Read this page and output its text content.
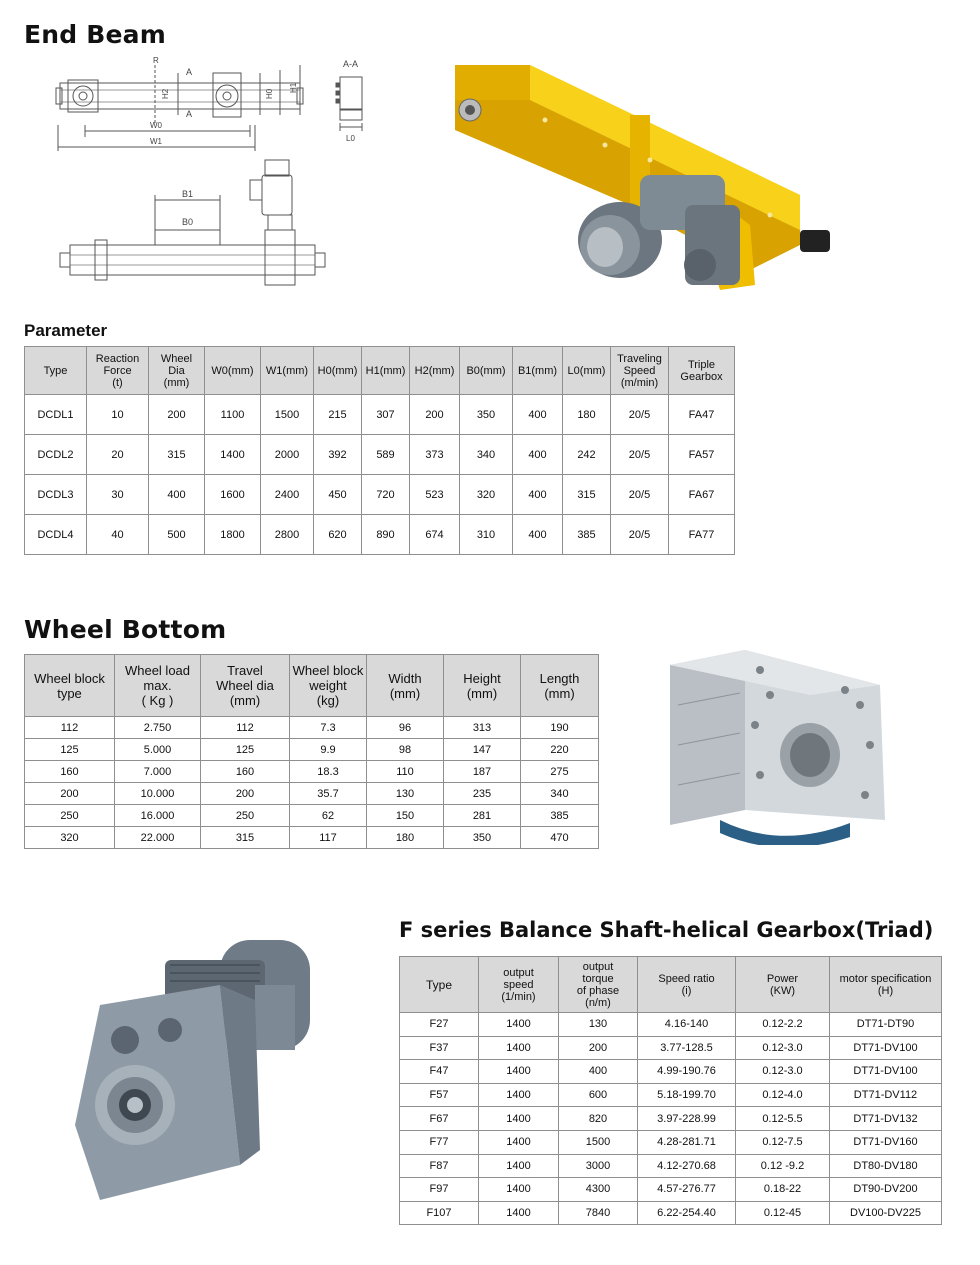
End Beam
R
A
A
H2	H0
H1
W0
W1
A-A
L0
B1
B0
Parameter
Type	Reaction
Force
(t)	Wheel
Dia
(mm)	W0(mm)	W1(mm)	H0(mm)	H1(mm)	H2(mm)	B0(mm)	B1(mm)	L0(mm)	Traveling
Speed
(m/min)	Triple
Gearbox
DCDL1	10	200	1100	1500	215	307	200	350	400	180	20/5	FA47
DCDL2	20	315	1400	2000	392	589	373	340	400	242	20/5	FA57
DCDL3	30	400	1600	2400	450	720	523	320	400	315	20/5	FA67
DCDL4	40	500	1800	2800	620	890	674	310	400	385	20/5	FA77
Wheel Bottom
Wheel block
type	Wheel load
max.
( Kg )	Travel
Wheel dia
(mm)	Wheel block
weight
(kg)	Width
(mm)	Height
(mm)	Length
(mm)
112	2.750	112	7.3	96	313	190
125	5.000	125	9.9	98	147	220
160	7.000	160	18.3	110	187	275
200	10.000	200	35.7	130	235	340
250	16.000	250	62	150	281	385
320	22.000	315	117	180	350	470
F series Balance Shaft-helical Gearbox(Triad)
Type	output
speed
(1/min)	output
torque
of phase
(n/m)	Speed ratio
(i)	Power
(KW)	motor specification
(H)
F27	1400	130	4.16-140	0.12-2.2	DT71-DT90
F37	1400	200	3.77-128.5	0.12-3.0	DT71-DV100
F47	1400	400	4.99-190.76	0.12-3.0	DT71-DV100
F57	1400	600	5.18-199.70	0.12-4.0	DT71-DV112
F67	1400	820	3.97-228.99	0.12-5.5	DT71-DV132
F77	1400	1500	4.28-281.71	0.12-7.5	DT71-DV160
F87	1400	3000	4.12-270.68	0.12 -9.2	DT80-DV180
F97	1400	4300	4.57-276.77	0.18-22	DT90-DV200
F107	1400	7840	6.22-254.40	0.12-45	DV100-DV225
